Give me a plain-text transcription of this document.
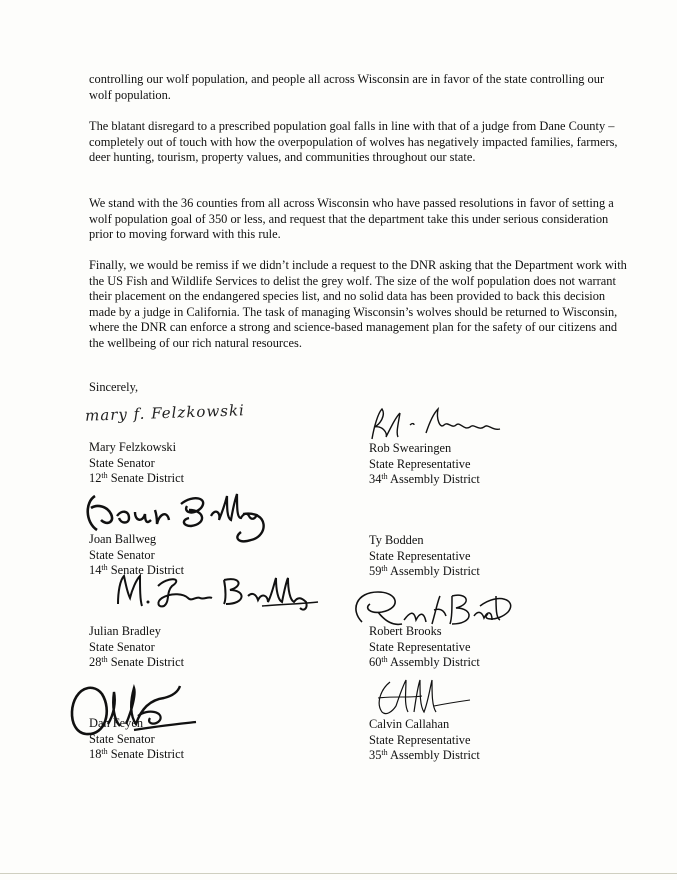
controlling our wolf population, and people all across Wisconsin are in favor of the state controlling our wolf population.

The blatant disregard to a prescribed population goal falls in line with that of a judge from Dane County – completely out of touch with how the overpopulation of wolves has negatively impacted families, farmers, deer hunting, tourism, property values, and communities throughout our state.

We stand with the 36 counties from all across Wisconsin who have passed resolutions in favor of setting a wolf population goal of 350 or less, and request that the department take this under serious consideration prior to moving forward with this rule.

Finally, we would be remiss if we didn’t include a request to the DNR asking that the Department work with the US Fish and Wildlife Services to delist the grey wolf. The size of the wolf population does not warrant their placement on the endangered species list, and no solid data has been provided to back this decision made by a judge in California. The task of managing Wisconsin’s wolves should be returned to Wisconsin, where the DNR can enforce a strong and science-based management plan for the safety of our citizens and the wellbeing of our rich natural resources.

Sincerely,

mary f. Felzkowski
Mary Felzkowski
State Senator
12th Senate District
Joan Ballweg
State Senator
14th Senate District
Julian Bradley
State Senator
28th Senate District
Dan Feyen
State Senator
18th Senate District
Rob Swearingen
State Representative
34th Assembly District
Ty Bodden
State Representative
59th Assembly District
Robert Brooks
State Representative
60th Assembly District
Calvin Callahan
State Representative
35th Assembly District
